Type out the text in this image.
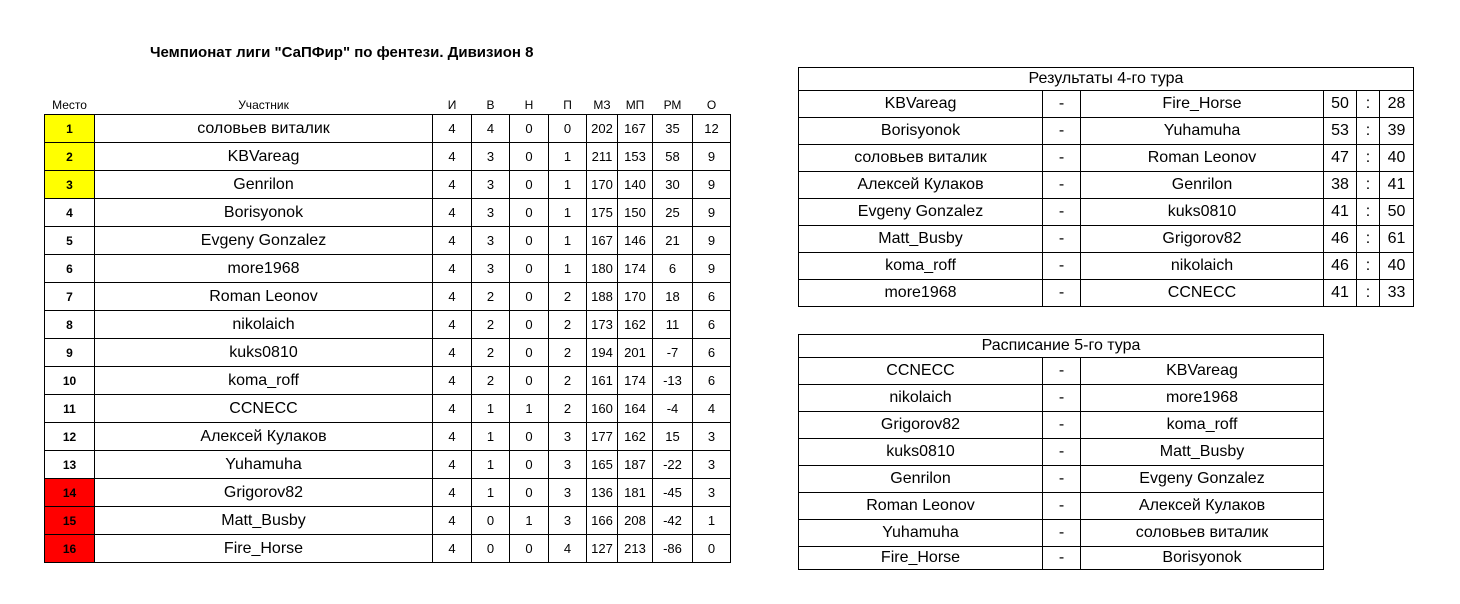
Чемпионат лиги "СаПФир" по фентези. Дивизион 8
Место	Участник	И	В	Н	П	МЗ	МП	РМ	О
1	соловьев виталик	4	4	0	0	202	167	35	12
2	KBVareag	4	3	0	1	211	153	58	9
3	Genrilon	4	3	0	1	170	140	30	9
4	Borisyonok	4	3	0	1	175	150	25	9
5	Evgeny Gonzalez	4	3	0	1	167	146	21	9
6	more1968	4	3	0	1	180	174	6	9
7	Roman Leonov	4	2	0	2	188	170	18	6
8	nikolaich	4	2	0	2	173	162	11	6
9	kuks0810	4	2	0	2	194	201	-7	6
10	koma_roff	4	2	0	2	161	174	-13	6
11	CCNECC	4	1	1	2	160	164	-4	4
12	Алексей Кулаков	4	1	0	3	177	162	15	3
13	Yuhamuha	4	1	0	3	165	187	-22	3
14	Grigorov82	4	1	0	3	136	181	-45	3
15	Matt_Busby	4	0	1	3	166	208	-42	1
16	Fire_Horse	4	0	0	4	127	213	-86	0
Результаты 4-го тура					
KBVareag	-	Fire_Horse	50	:	28
Borisyonok	-	Yuhamuha	53	:	39
соловьев виталик	-	Roman Leonov	47	:	40
Алексей Кулаков	-	Genrilon	38	:	41
Evgeny Gonzalez	-	kuks0810	41	:	50
Matt_Busby	-	Grigorov82	46	:	61
koma_roff	-	nikolaich	46	:	40
more1968	-	CCNECC	41	:	33
Расписание 5-го тура		
CCNECC	-	KBVareag
nikolaich	-	more1968
Grigorov82	-	koma_roff
kuks0810	-	Matt_Busby
Genrilon	-	Evgeny Gonzalez
Roman Leonov	-	Алексей Кулаков
Yuhamuha	-	соловьев виталик
Fire_Horse	-	Borisyonok
